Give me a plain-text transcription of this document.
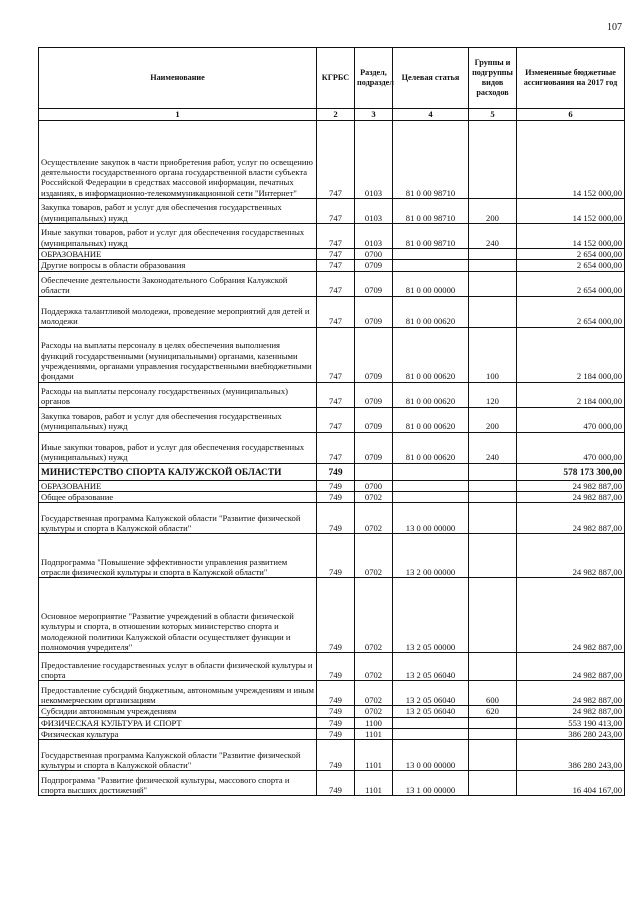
107
Наименование	КГРБС	Раздел, подраздел	Целевая статья	Группы и подгруппы видов расходов	Измененные бюджетные ассигнования на 2017 год
1	2	3	4	5	6
Осуществление закупок в части приобретения работ, услуг по освещению деятельности государственного органа государственной власти субъекта Российской Федерации в средствах массовой информации, печатных изданиях, в информационно-телекоммуникационной сети "Интернет"	747	0103	81 0 00 98710		14 152 000,00
Закупка товаров, работ и услуг для обеспечения государственных (муниципальных) нужд	747	0103	81 0 00 98710	200	14 152 000,00
Иные закупки товаров, работ и услуг для обеспечения государственных (муниципальных) нужд	747	0103	81 0 00 98710	240	14 152 000,00
ОБРАЗОВАНИЕ	747	0700			2 654 000,00
Другие вопросы в области образования	747	0709			2 654 000,00
Обеспечение деятельности Законодательного Собрания Калужской области	747	0709	81 0 00 00000		2 654 000,00
Поддержка талантливой молодежи, проведение мероприятий для детей и молодежи	747	0709	81 0 00 00620		2 654 000,00
Расходы на выплаты персоналу в целях обеспечения выполнения функций государственными (муниципальными) органами, казенными учреждениями, органами управления государственными внебюджетными фондами	747	0709	81 0 00 00620	100	2 184 000,00
Расходы на выплаты персоналу государственных (муниципальных) органов	747	0709	81 0 00 00620	120	2 184 000,00
Закупка товаров, работ и услуг для обеспечения государственных (муниципальных) нужд	747	0709	81 0 00 00620	200	470 000,00
Иные закупки товаров, работ и услуг для обеспечения государственных (муниципальных) нужд	747	0709	81 0 00 00620	240	470 000,00
МИНИСТЕРСТВО СПОРТА КАЛУЖСКОЙ ОБЛАСТИ	749				578 173 300,00
ОБРАЗОВАНИЕ	749	0700			24 982 887,00
Общее образование	749	0702			24 982 887,00
Государственная программа Калужской области "Развитие физической культуры и спорта в Калужской области"	749	0702	13 0 00 00000		24 982 887,00
Подпрограмма "Повышение эффективности управления развитием отрасли физической культуры и спорта в Калужской области"	749	0702	13 2 00 00000		24 982 887,00
Основное мероприятие "Развитие учреждений в области физической культуры и спорта, в отношении которых министерство спорта и молодежной политики Калужской области осуществляет функции и полномочия учредителя"	749	0702	13 2 05 00000		24 982 887,00
Предоставление государственных услуг в области физической культуры и спорта	749	0702	13 2 05 06040		24 982 887,00
Предоставление субсидий бюджетным, автономным учреждениям и иным некоммерческим организациям	749	0702	13 2 05 06040	600	24 982 887,00
Субсидии автономным учреждениям	749	0702	13 2 05 06040	620	24 982 887,00
ФИЗИЧЕСКАЯ КУЛЬТУРА И СПОРТ	749	1100			553 190 413,00
Физическая культура	749	1101			386 280 243,00
Государственная программа Калужской области "Развитие физической культуры и спорта в Калужской области"	749	1101	13 0 00 00000		386 280 243,00
Подпрограмма "Развитие физической культуры, массового спорта и спорта высших достижений"	749	1101	13 1 00 00000		16 404 167,00
